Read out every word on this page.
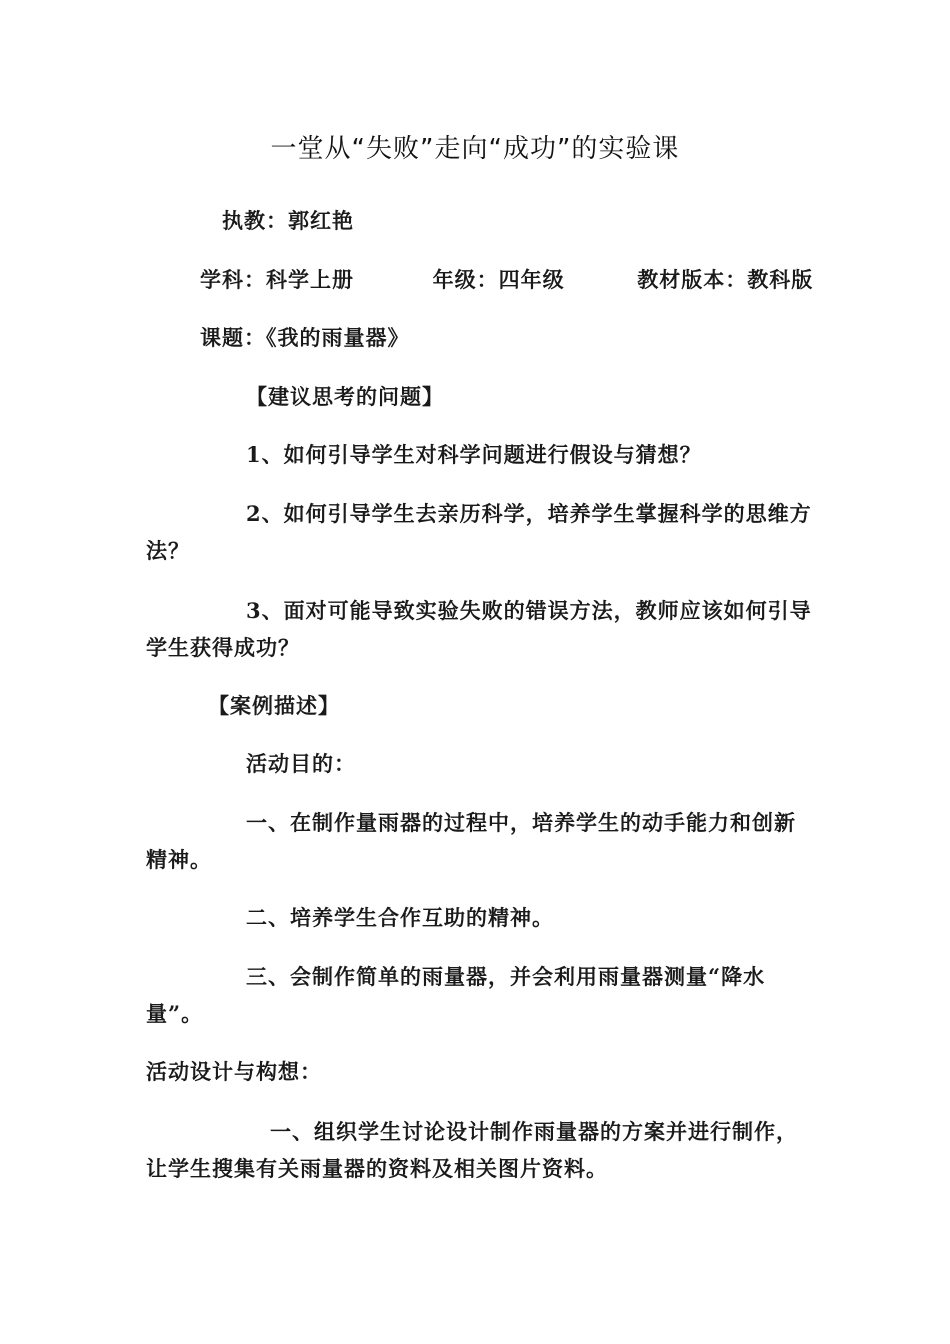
一堂从“失败”走向“成功”的实验课
执教：郭红艳
学科：科学上册	年级：四年级	教材版本：教科版
课题：《我的雨量器》
【建议思考的问题】
1、如何引导学生对科学问题进行假设与猜想？
2、如何引导学生去亲历科学，培养学生掌握科学的思维方
法？
3、面对可能导致实验失败的错误方法，教师应该如何引导
学生获得成功？
【案例描述】
活动目的：
一、在制作量雨器的过程中，培养学生的动手能力和创新
精神。
二、培养学生合作互助的精神。
三、会制作简单的雨量器，并会利用雨量器测量“降水
量”。
活动设计与构想：
一、组织学生讨论设计制作雨量器的方案并进行制作，
让学生搜集有关雨量器的资料及相关图片资料。
